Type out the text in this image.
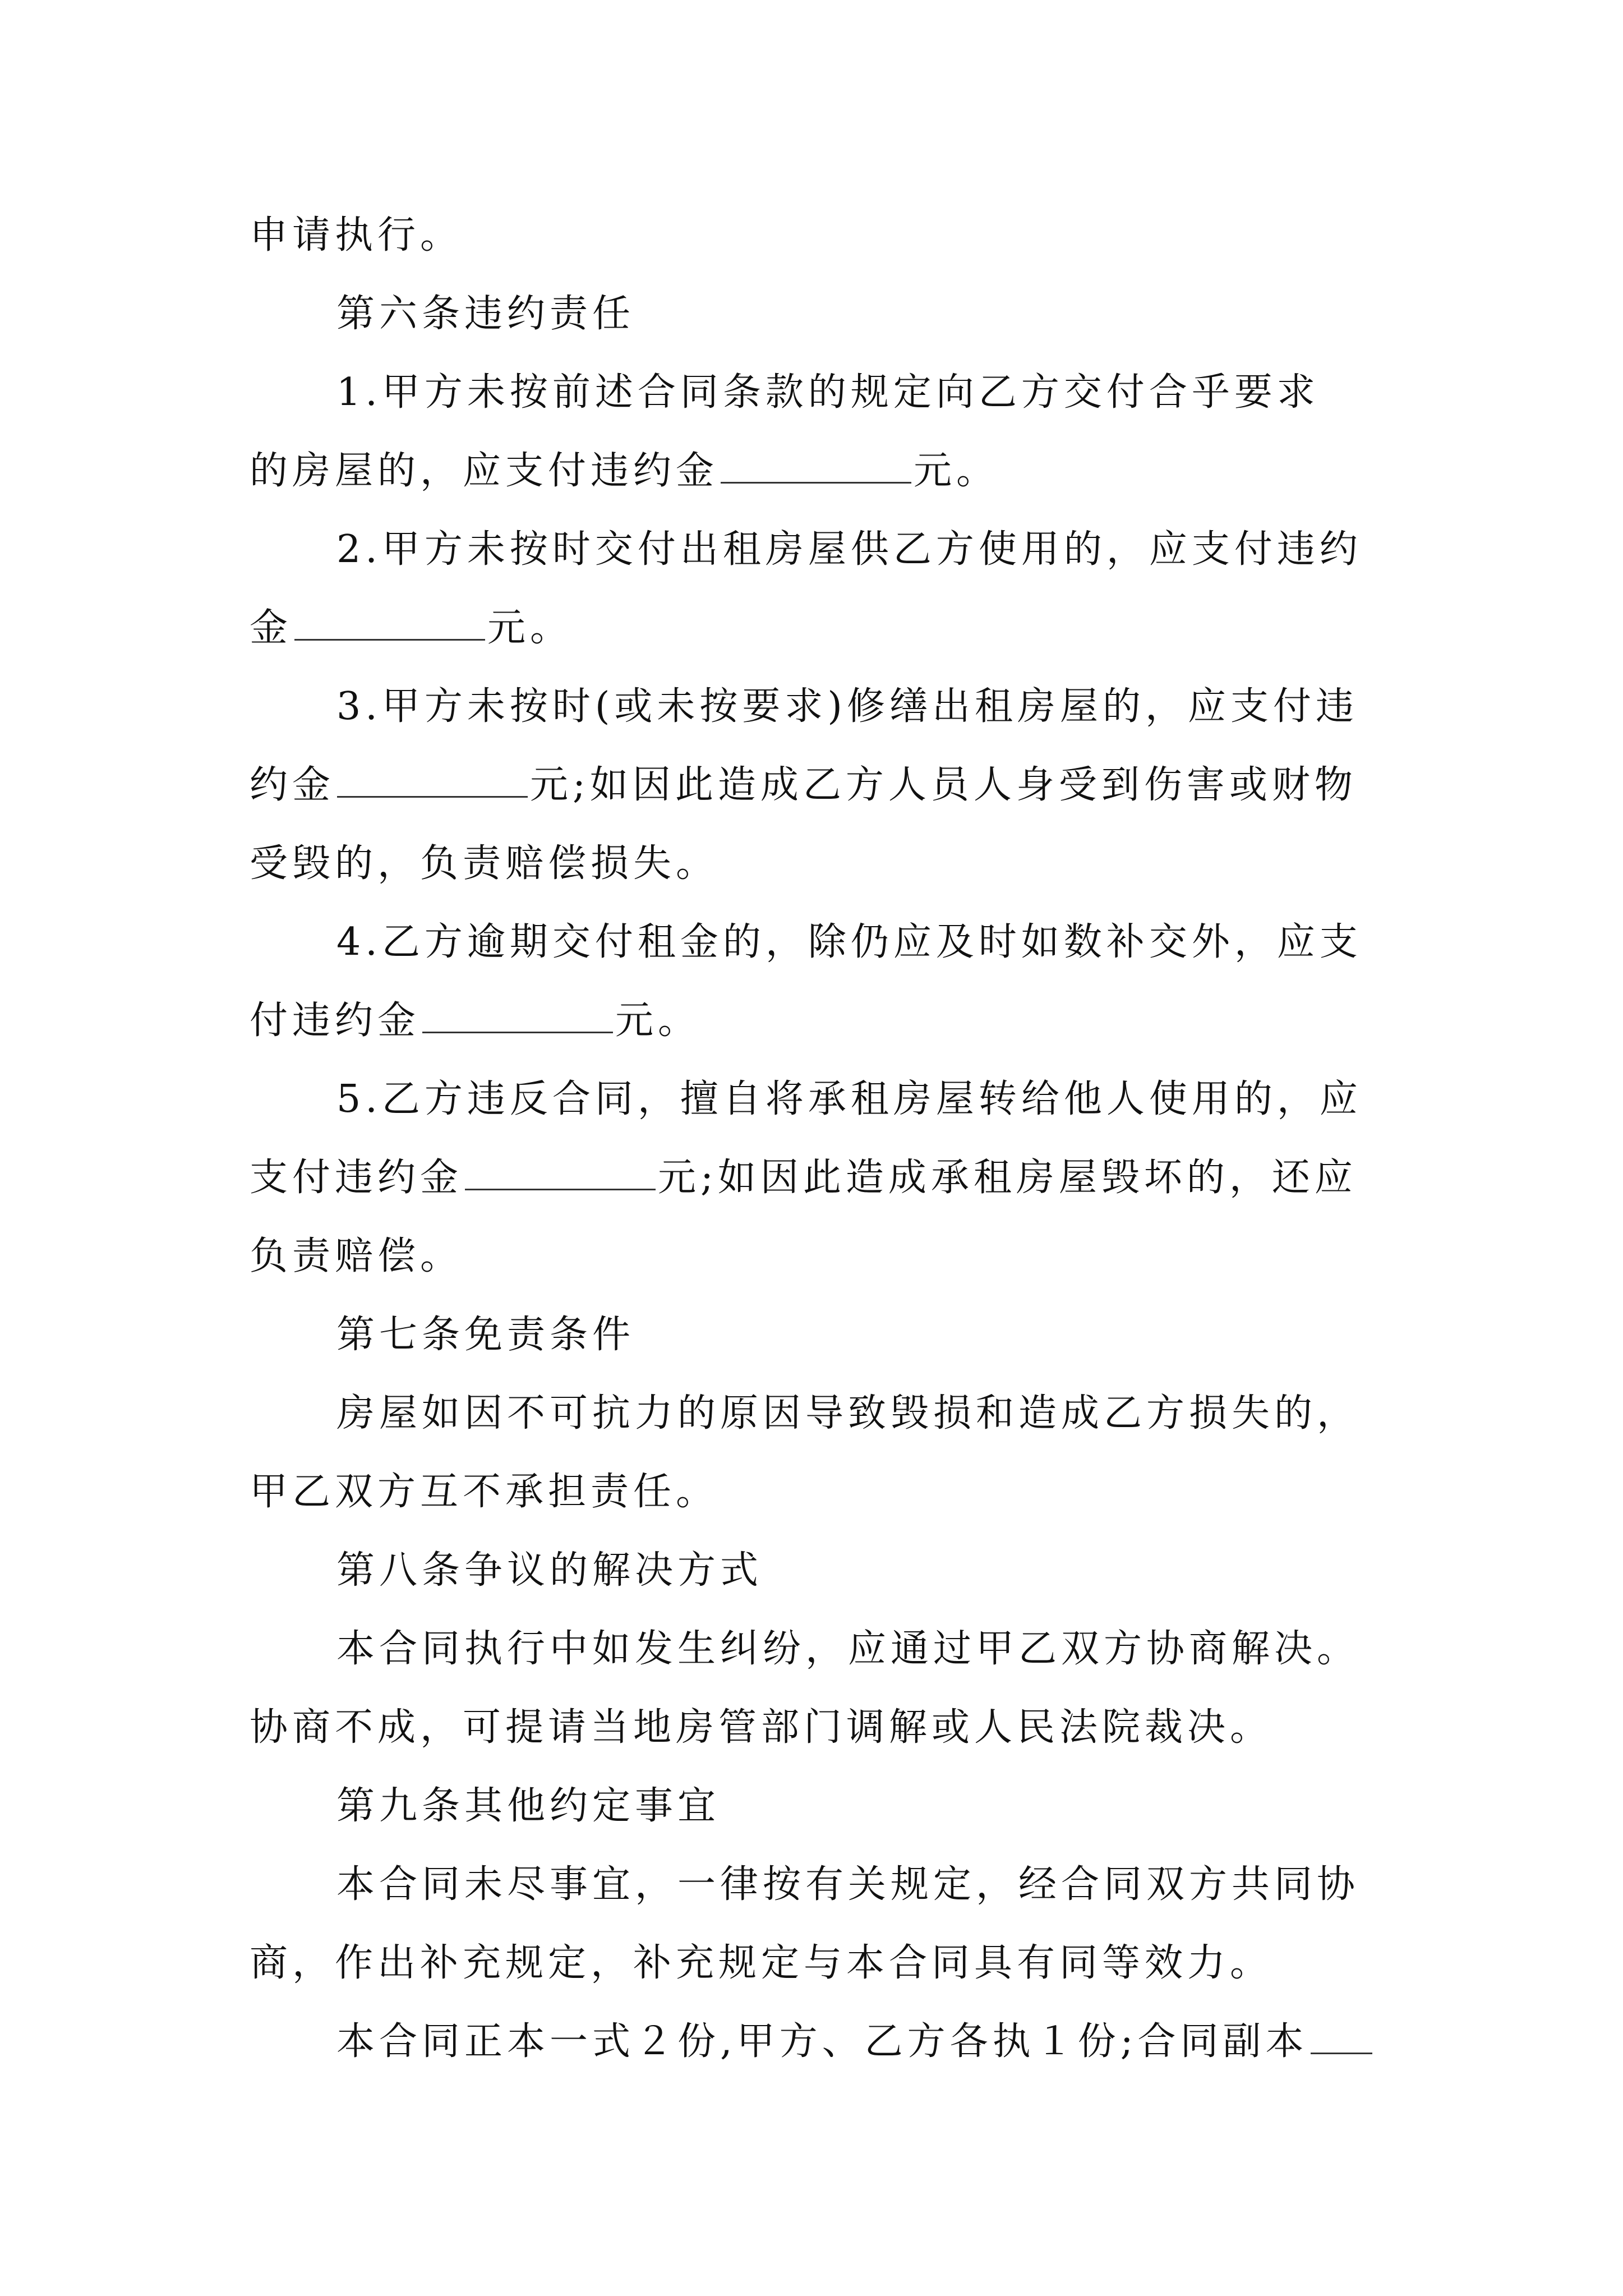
申请执行。
第六条违约责任
1.甲方未按前述合同条款的规定向乙方交付合乎要求
的房屋的，应支付违约金	元。
2.甲方未按时交付出租房屋供乙方使用的，应支付违约
金	元。
3.甲方未按时(或未按要求)修缮出租房屋的，应支付违
约金	元;如因此造成乙方人员人身受到伤害或财物
受毁的，负责赔偿损失。
4.乙方逾期交付租金的，除仍应及时如数补交外，应支
付违约金	元。
5.乙方违反合同，擅自将承租房屋转给他人使用的，应
支付违约金	元;如因此造成承租房屋毁坏的，还应
负责赔偿。
第七条免责条件
房屋如因不可抗力的原因导致毁损和造成乙方损失的，
甲乙双方互不承担责任。
第八条争议的解决方式
本合同执行中如发生纠纷，应通过甲乙双方协商解决。
协商不成，可提请当地房管部门调解或人民法院裁决。
第九条其他约定事宜
本合同未尽事宜，一律按有关规定，经合同双方共同协
商，作出补充规定，补充规定与本合同具有同等效力。
本合同正本一式２份,甲方、乙方各执１份;合同副本
